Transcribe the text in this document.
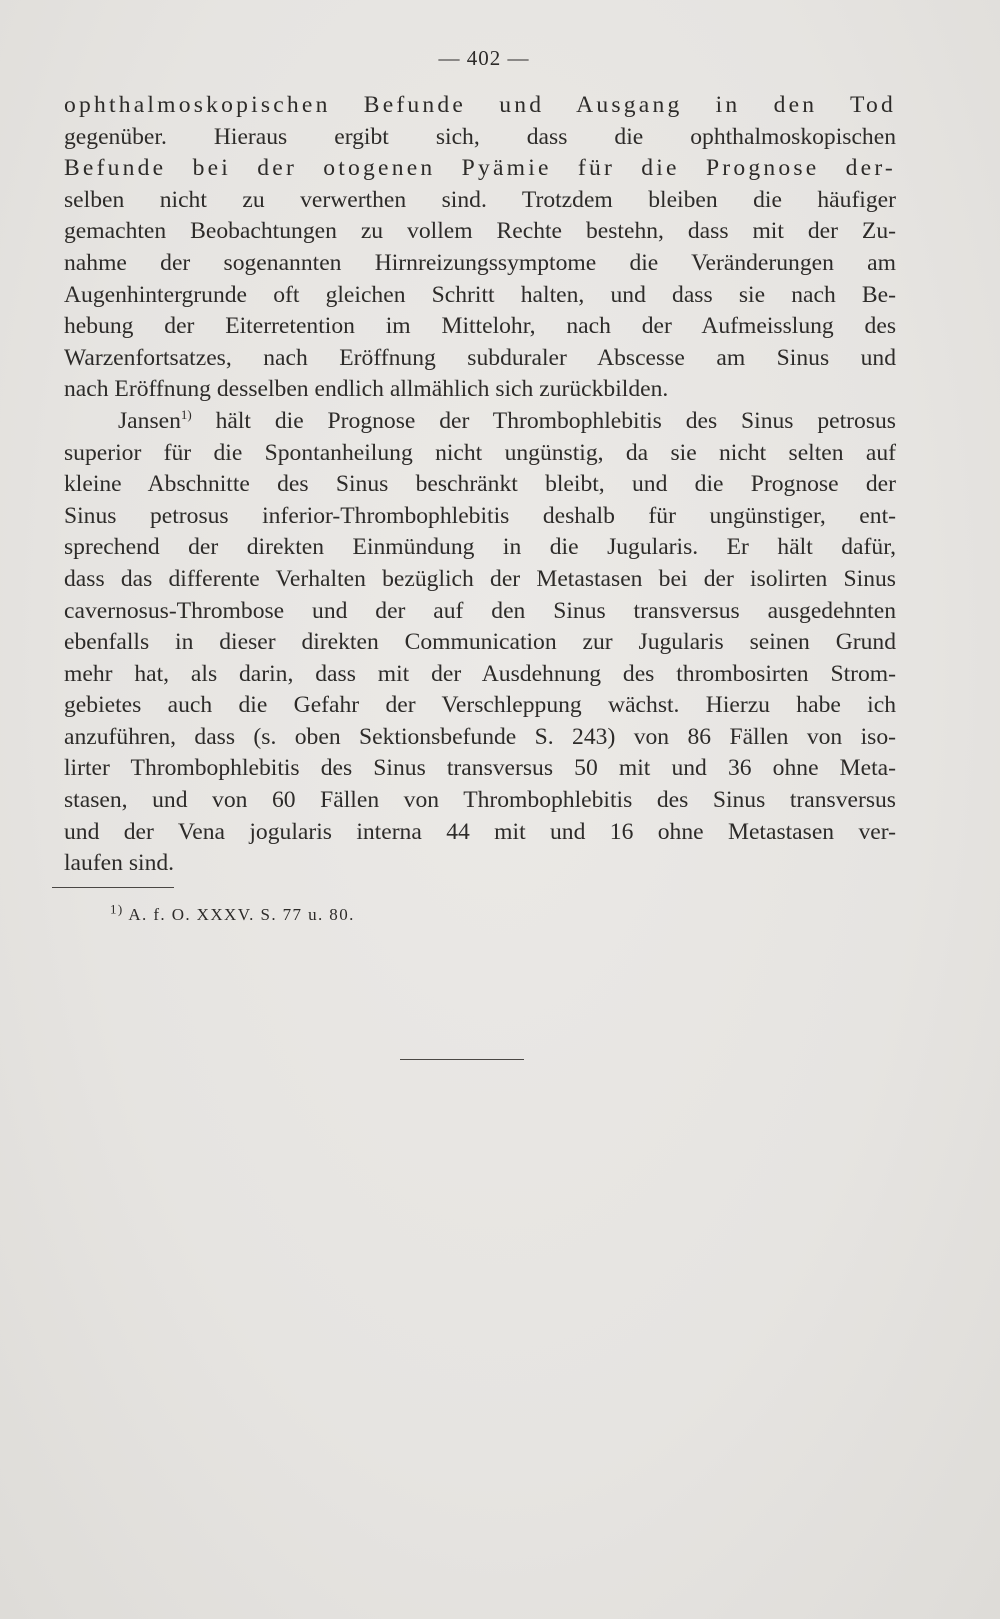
— 402 —
ophthalmoskopischen Befunde und Ausgang in den Tod
gegenüber. Hieraus ergibt sich, dass die ophthalmoskopischen
Befunde bei der otogenen Pyämie für die Prognose der-
selben nicht zu verwerthen sind. Trotzdem bleiben die häufiger
gemachten Beobachtungen zu vollem Rechte bestehn, dass mit der Zu-
nahme der sogenannten Hirnreizungssymptome die Veränderungen am
Augenhintergrunde oft gleichen Schritt halten, und dass sie nach Be-
hebung der Eiterretention im Mittelohr, nach der Aufmeisslung des
Warzenfortsatzes, nach Eröffnung subduraler Abscesse am Sinus und
nach Eröffnung desselben endlich allmählich sich zurückbilden.
Jansen$^{1)}$ hält die Prognose der Thrombophlebitis des Sinus petrosus
superior für die Spontanheilung nicht ungünstig, da sie nicht selten auf
kleine Abschnitte des Sinus beschränkt bleibt, und die Prognose der
Sinus petrosus inferior-Thrombophlebitis deshalb für ungünstiger, ent-
sprechend der direkten Einmündung in die Jugularis. Er hält dafür,
dass das differente Verhalten bezüglich der Metastasen bei der isolirten Sinus
cavernosus-Thrombose und der auf den Sinus transversus ausgedehnten
ebenfalls in dieser direkten Communication zur Jugularis seinen Grund
mehr hat, als darin, dass mit der Ausdehnung des thrombosirten Strom-
gebietes auch die Gefahr der Verschleppung wächst. Hierzu habe ich
anzuführen, dass (s. oben Sektionsbefunde S. 243) von 86 Fällen von iso-
lirter Thrombophlebitis des Sinus transversus 50 mit und 36 ohne Meta-
stasen, und von 60 Fällen von Thrombophlebitis des Sinus transversus
und der Vena jogularis interna 44 mit und 16 ohne Metastasen ver-
laufen sind.
$^{1)}$ A. f. O. XXXV. S. 77 u. 80.
